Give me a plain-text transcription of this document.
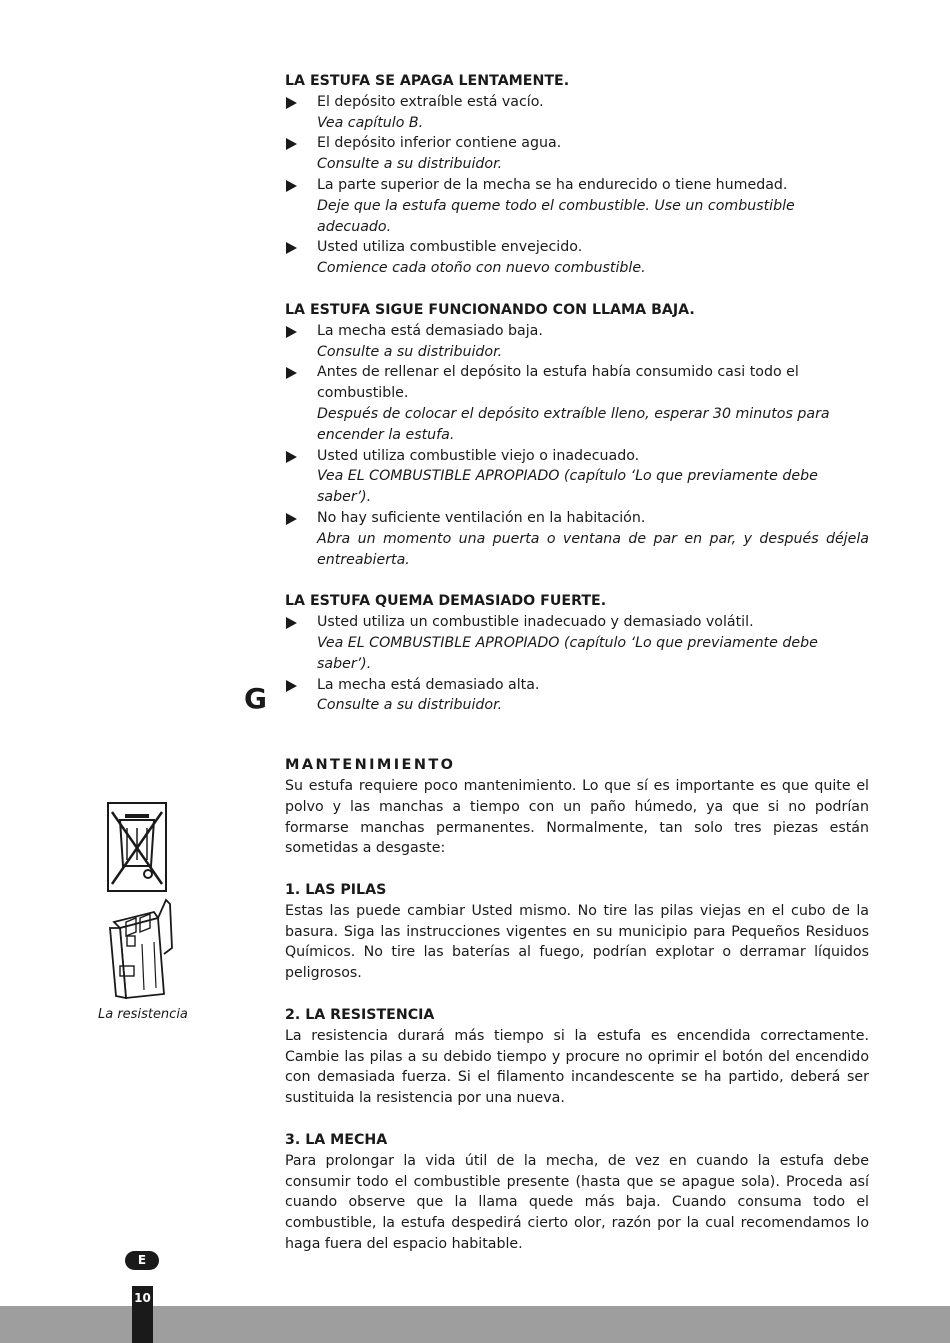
LA ESTUFA SE APAGA LENTAMENTE.

El depósito extraíble está vacío.
Vea capítulo B.
El depósito inferior contiene agua.
Consulte a su distribuidor.
La parte superior de la mecha se ha endurecido o tiene humedad.
Deje que la estufa queme todo el combustible. Use un combustible adecuado.
Usted utiliza combustible envejecido.
Comience cada otoño con nuevo combustible.

LA ESTUFA SIGUE FUNCIONANDO CON LLAMA BAJA.

La mecha está demasiado baja.
Consulte a su distribuidor.
Antes de rellenar el depósito la estufa había consumido casi todo el combustible.
Después de colocar el depósito extraíble lleno, esperar 30 minutos para encender la estufa.
Usted utiliza combustible viejo o inadecuado.
Vea EL COMBUSTIBLE APROPIADO (capítulo ‘Lo que previamente debe saber’).
No hay suficiente ventilación en la habitación.
Abra un momento una puerta o ventana de par en par, y después déjela entreabierta.

LA ESTUFA QUEMA DEMASIADO FUERTE.

Usted utiliza un combustible inadecuado y demasiado volátil.
Vea EL COMBUSTIBLE APROPIADO (capítulo ‘Lo que previamente debe saber’).
La mecha está demasiado alta.
Consulte a su distribuidor.
MANTENIMIENTO
Su estufa requiere poco mantenimiento. Lo que sí es importante es que quite el polvo y las manchas a tiempo con un paño húmedo, ya que si no podrían formarse manchas permanentes. Normalmente, tan solo tres piezas están sometidas a desgaste:

1. LAS PILAS

Estas las puede cambiar Usted mismo. No tire las pilas viejas en el cubo de la basura. Siga las instrucciones vigentes en su municipio para Pequeños Residuos Químicos. No tire las baterías al fuego, podrían explotar o derramar líquidos peligrosos.

2. LA RESISTENCIA

La resistencia durará más tiempo si la estufa es encendida correctamente. Cambie las pilas a su debido tiempo y procure no oprimir el botón del encendido con demasiada fuerza. Si el filamento incandescente se ha partido, deberá ser sustituida la resistencia por una nueva.

3. LA MECHA

Para prolongar la vida útil de la mecha, de vez en cuando la estufa debe consumir todo el combustible presente (hasta que se apague sola). Proceda así cuando observe que la llama quede más baja. Cuando consuma todo el combustible, la estufa despedirá cierto olor, razón por la cual recomendamos lo haga fuera del espacio habitable.
G

La resistencia
E
10
